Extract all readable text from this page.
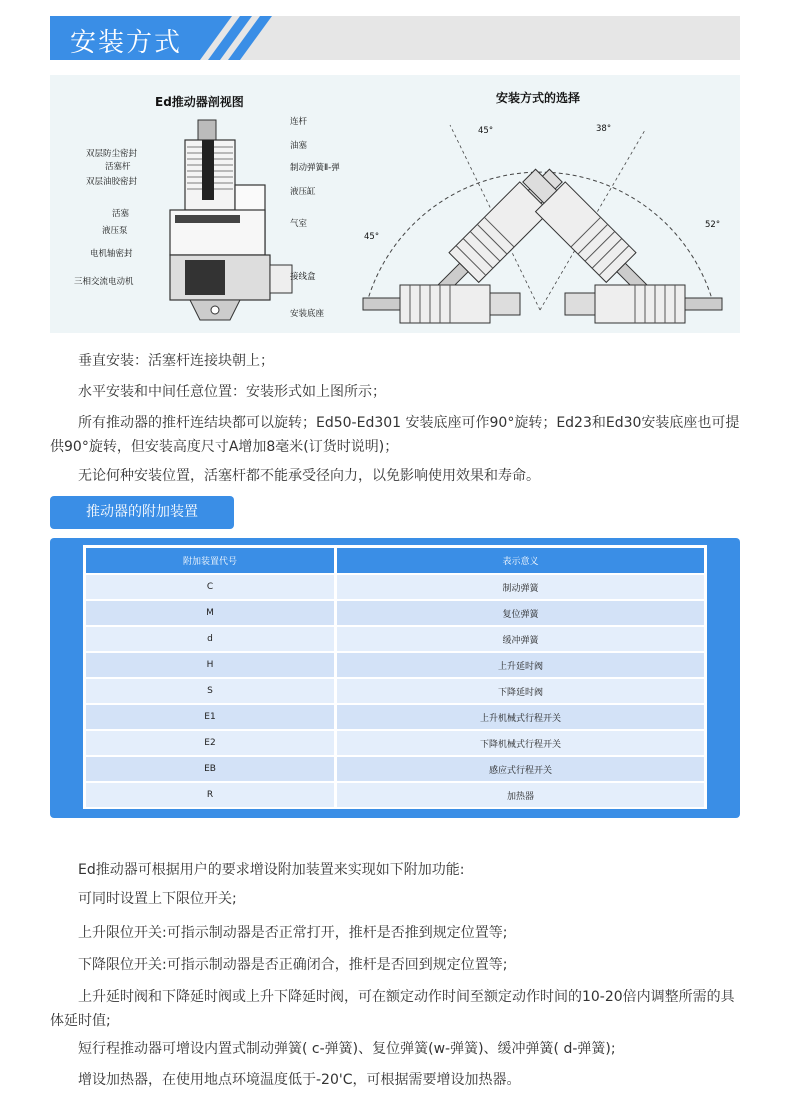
安装方式
Ed推动器剖视图	安装方式的选择
双层防尘密封
活塞杆
双层油胶密封
活塞
液压泵
电机轴密封
三相交流电动机
连杆
油塞
制动弹簧Ⅱ-弹
液压缸
气室
接线盒
安装底座
45°	38°
45°
52°
垂直安装：活塞杆连接块朝上；
水平安装和中间任意位置：安装形式如上图所示；
所有推动器的推杆连结块都可以旋转；Ed50-Ed301 安装底座可作90°旋转；Ed23和Ed30安装底座也可提供90°旋转，但安装高度尺寸A增加8毫米(订货时说明)；
无论何种安装位置，活塞杆都不能承受径向力，以免影响使用效果和寿命。
推动器的附加装置
附加装置代号	表示意义
C	制动弹簧
M	复位弹簧
d	缓冲弹簧
H	上升延时阀
S	下降延时阀
E1	上升机械式行程开关
E2	下降机械式行程开关
EB	感应式行程开关
R	加热器
Ed推动器可根据用户的要求增设附加装置来实现如下附加功能:
可同时设置上下限位开关;
上升限位开关:可指示制动器是否正常打开，推杆是否推到规定位置等;
下降限位开关:可指示制动器是否正确闭合，推杆是否回到规定位置等;
上升延时阀和下降延时阀或上升下降延时阀，可在额定动作时间至额定动作时间的10-20倍内调整所需的具体延时值;
短行程推动器可增设内置式制动弹簧( c-弹簧)、复位弹簧(w-弹簧)、缓冲弹簧( d-弹簧);
增设加热器，在使用地点环境温度低于-20'C，可根据需要增设加热器。
